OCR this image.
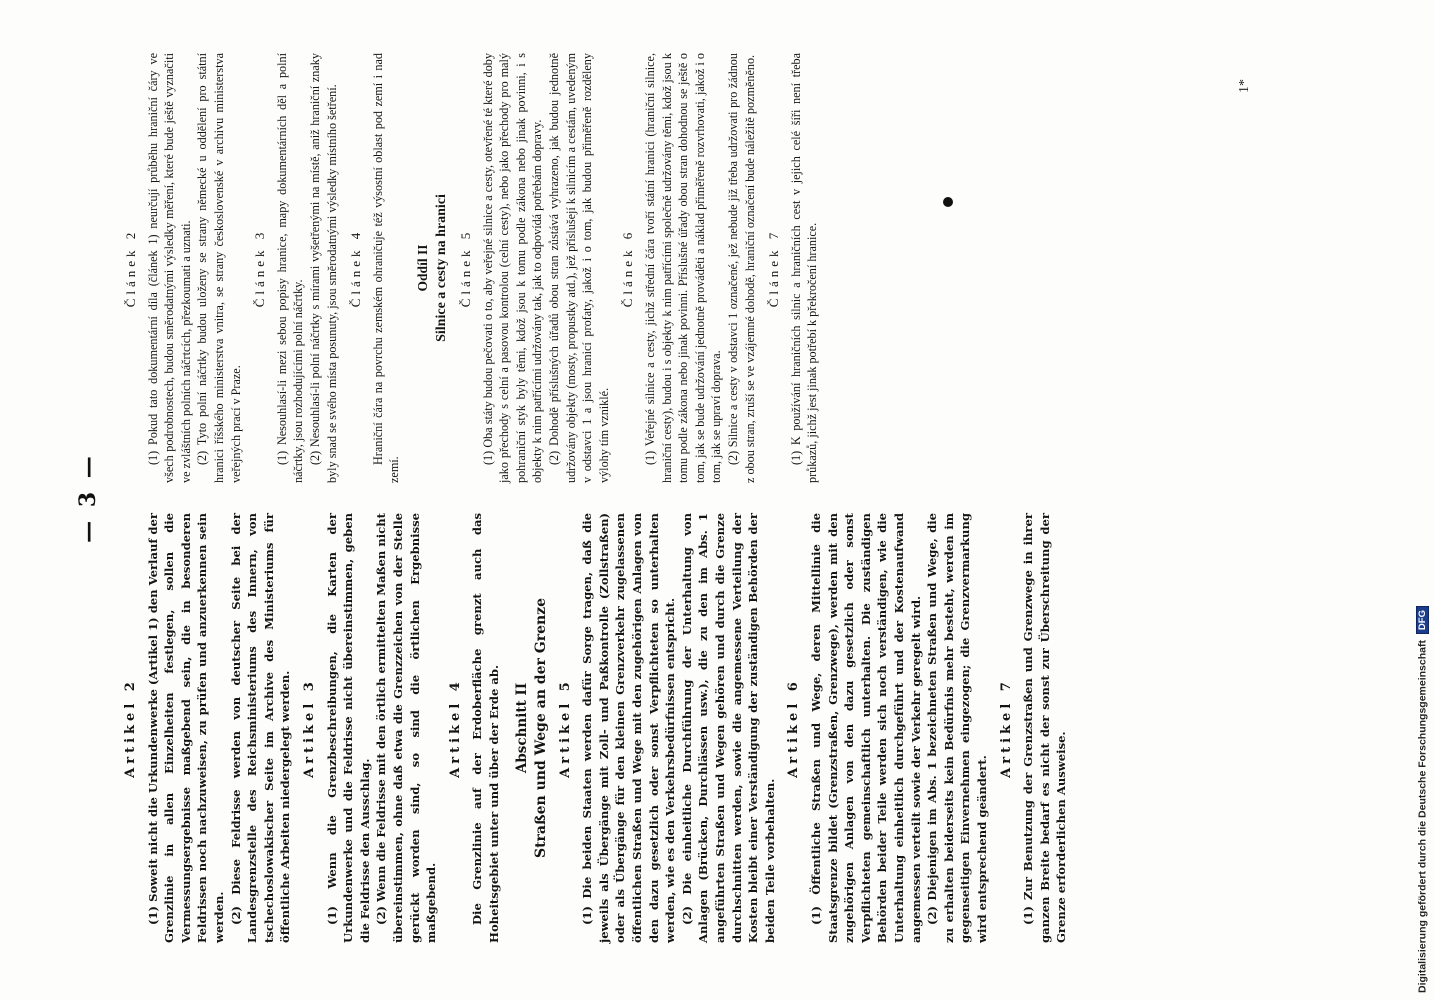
— 3 —
Artikel 2 (1) Soweit nicht die Urkundenwerke (Artikel 1) den Verlauf der Grenzlinie in allen Einzelheiten festlegen, sollen die Vermessungsergebnisse maßgebend sein, die in besonderen Feldrissen noch nachzuweisen, zu prüfen und anzuerkennen sein werden. (2) Diese Feldrisse werden von deutscher Seite bei der Landesgrenzstelle des Reichsministeriums des Innern, von tschechoslowakischer Seite im Archive des Ministeriums für öffentliche Arbeiten niedergelegt werden. Artikel 3 (1) Wenn die Grenzbeschreibungen, die Karten der Urkundenwerke und die Feldrisse nicht übereinstimmen, geben die Feldrisse den Ausschlag. (2) Wenn die Feldrisse mit den örtlich ermittelten Maßen nicht übereinstimmen, ohne daß etwa die Grenzzeichen von der Stelle gerückt worden sind, so sind die örtlichen Ergebnisse maßgebend.

Artikel 4 Die Grenzlinie auf der Erdoberfläche grenzt auch das Hoheitsgebiet unter und über der Erde ab. Abschnitt II Straßen und Wege an der Grenze Artikel 5 (1) Die beiden Staaten werden dafür Sorge tragen, daß die jeweils als Übergänge mit Zoll- und Paßkontrolle (Zollstraßen) oder als Übergänge für den kleinen Grenzverkehr zugelassenen öffentlichen Straßen und Wege mit den zugehörigen Anlagen von den dazu gesetzlich oder sonst Verpflichteten so unterhalten werden, wie es den Verkehrsbedürfnissen entspricht. (2) Die einheitliche Durchführung der Unterhaltung von Anlagen (Brücken, Durchlässen usw.), die zu den im Abs. 1 angeführten Straßen und Wegen gehören und durch die Grenze durchschnitten werden, sowie die angemessene Verteilung der Kosten bleibt einer Verständigung der zuständigen Behörden der beiden Teile vorbehalten.

Artikel 6 (1) Öffentliche Straßen und Wege, deren Mittellinie die Staatsgrenze bildet (Grenzstraßen, Grenzwege), werden mit den zugehörigen Anlagen von den dazu gesetzlich oder sonst Verpflichteten gemeinschaftlich unterhalten. Die zuständigen Behörden beider Teile werden sich noch verständigen, wie die Unterhaltung einheitlich durchgeführt und der Kostenaufwand angemessen verteilt sowie der Verkehr geregelt wird. (2) Diejenigen im Abs. 1 bezeichneten Straßen und Wege, die zu erhalten beiderseits kein Bedürfnis mehr besteht, werden im gegenseitigen Einvernehmen eingezogen; die Grenzvermarkung wird entsprechend geändert.

Artikel 7 (1) Zur Benutzung der Grenzstraßen und Grenzwege in ihrer ganzen Breite bedarf es nicht der sonst zur Überschreitung der Grenze erforderlichen Ausweise.

Článek 2 (1) Pokud tato dokumentární díla (článek 1) neurčují průběhu hraniční čáry ve všech podrobnostech, budou směrodatnými výsledky měření, které bude ještě vyznačiti ve zvláštních polních náčrtcích, přezkoumati a uznati. (2) Tyto polní náčrtky budou uloženy se strany německé u oddělení pro státní hranici říšského ministerstva vnitra, se strany československé v archivu ministerstva veřejných prací v Praze.

Článek 3 (1) Nesouhlasí-li mezi sebou popisy hranice, mapy dokumentárních děl a polní náčrtky, jsou rozhodujícími polní náčrtky. (2) Nesouhlasí-li polní náčrtky s mírami vyšetřenými na místě, aniž hraniční znaky byly snad se svého místa posunuty, jsou směrodatnými výsledky místního šetření. Článek 4 Hraniční čára na povrchu zemském ohraničuje též výsostní oblast pod zemí i nad zemí.

Oddíl II Silnice a cesty na hranici Článek 5 (1) Oba státy budou pečovati o to, aby veřejné silnice a cesty, otevřené té které doby jako přechody s celní a pasovou kontrolou (celní cesty), nebo jako přechody pro malý pohraniční styk byly těmi, kdož jsou k tomu podle zákona nebo jinak povinni, i s objekty k nim patřícími udržovány tak, jak to odpovídá potřebám dopravy. (2) Dohodě příslušných úřadů obou stran zůstává vyhrazeno, jak budou jednotně udržovány objekty (mosty, propustky atd.), jež příslušejí k silnicím a cestám, uvedeným v odstavci 1 a jsou hranicí profaty, jakož i o tom, jak budou přiměřeně rozděleny výlohy tím vzniklé.

Článek 6 (1) Veřejné silnice a cesty, jichž střední čára tvoří státní hranici (hraniční silnice, hraniční cesty), budou i s objekty k nim patřícími společně udržovány těmi, kdož jsou k tomu podle zákona nebo jinak povinni. Příslušné úřady obou stran dohodnou se ještě o tom, jak se bude udržování jednotně prováděti a náklad přiměřeně rozvrhovati, jakož i o tom, jak se upraví doprava. (2) Silnice a cesty v odstavci 1 označené, jež nebude již třeba udržovati pro žádnou z obou stran, zruší se ve vzájemné dohodě, hraniční označení bude náležitě pozměněno. Článek 7 (1) K používání hraničních silnic a hraničních cest v jejich celé šíři není třeba průkazů, jichž jest jinak potřebí k překročení hranice.

1*
Digitalisierung gefördert durch die Deutsche Forschungsgemeinschaft DFG
